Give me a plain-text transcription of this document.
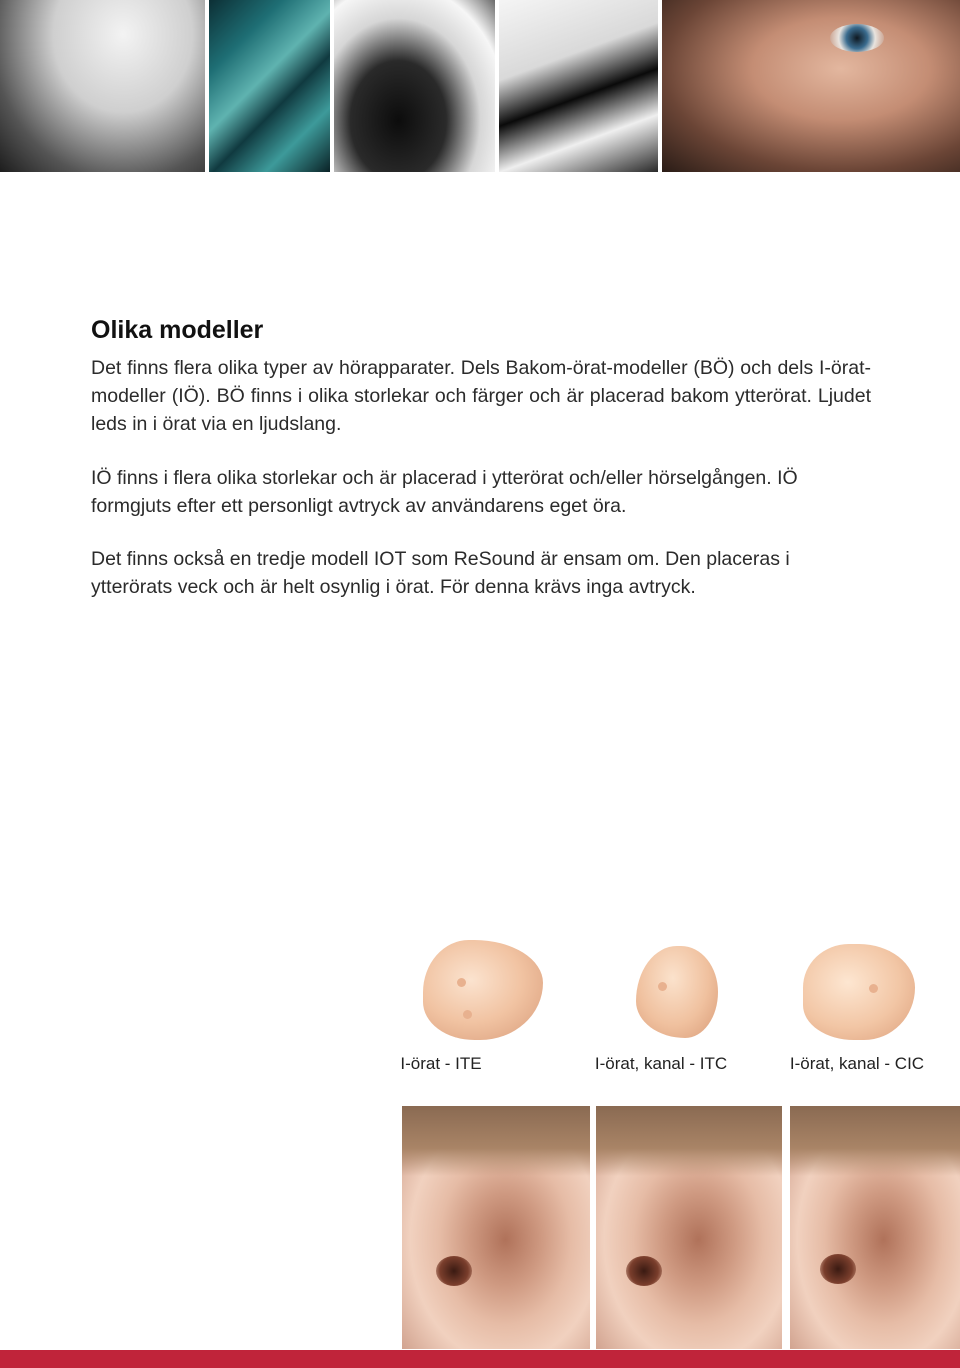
Olika modeller

Det finns flera olika typer av hörapparater. Dels Bakom-örat-modeller (BÖ) och dels I-örat-modeller (IÖ). BÖ finns i olika storlekar och färger och är placerad bakom ytterörat. Ljudet leds in i örat via en ljudslang.

IÖ finns i flera olika storlekar och är placerad i ytterörat och/eller hörselgången. IÖ formgjuts efter ett personligt avtryck av användarens eget öra.

Det finns också en tredje modell IOT som ReSound är ensam om. Den placeras i ytterörats veck och är helt osynlig i örat. För denna krävs inga avtryck.

I-örat - ITE	I-örat, kanal - ITC	I-örat, kanal - CIC
